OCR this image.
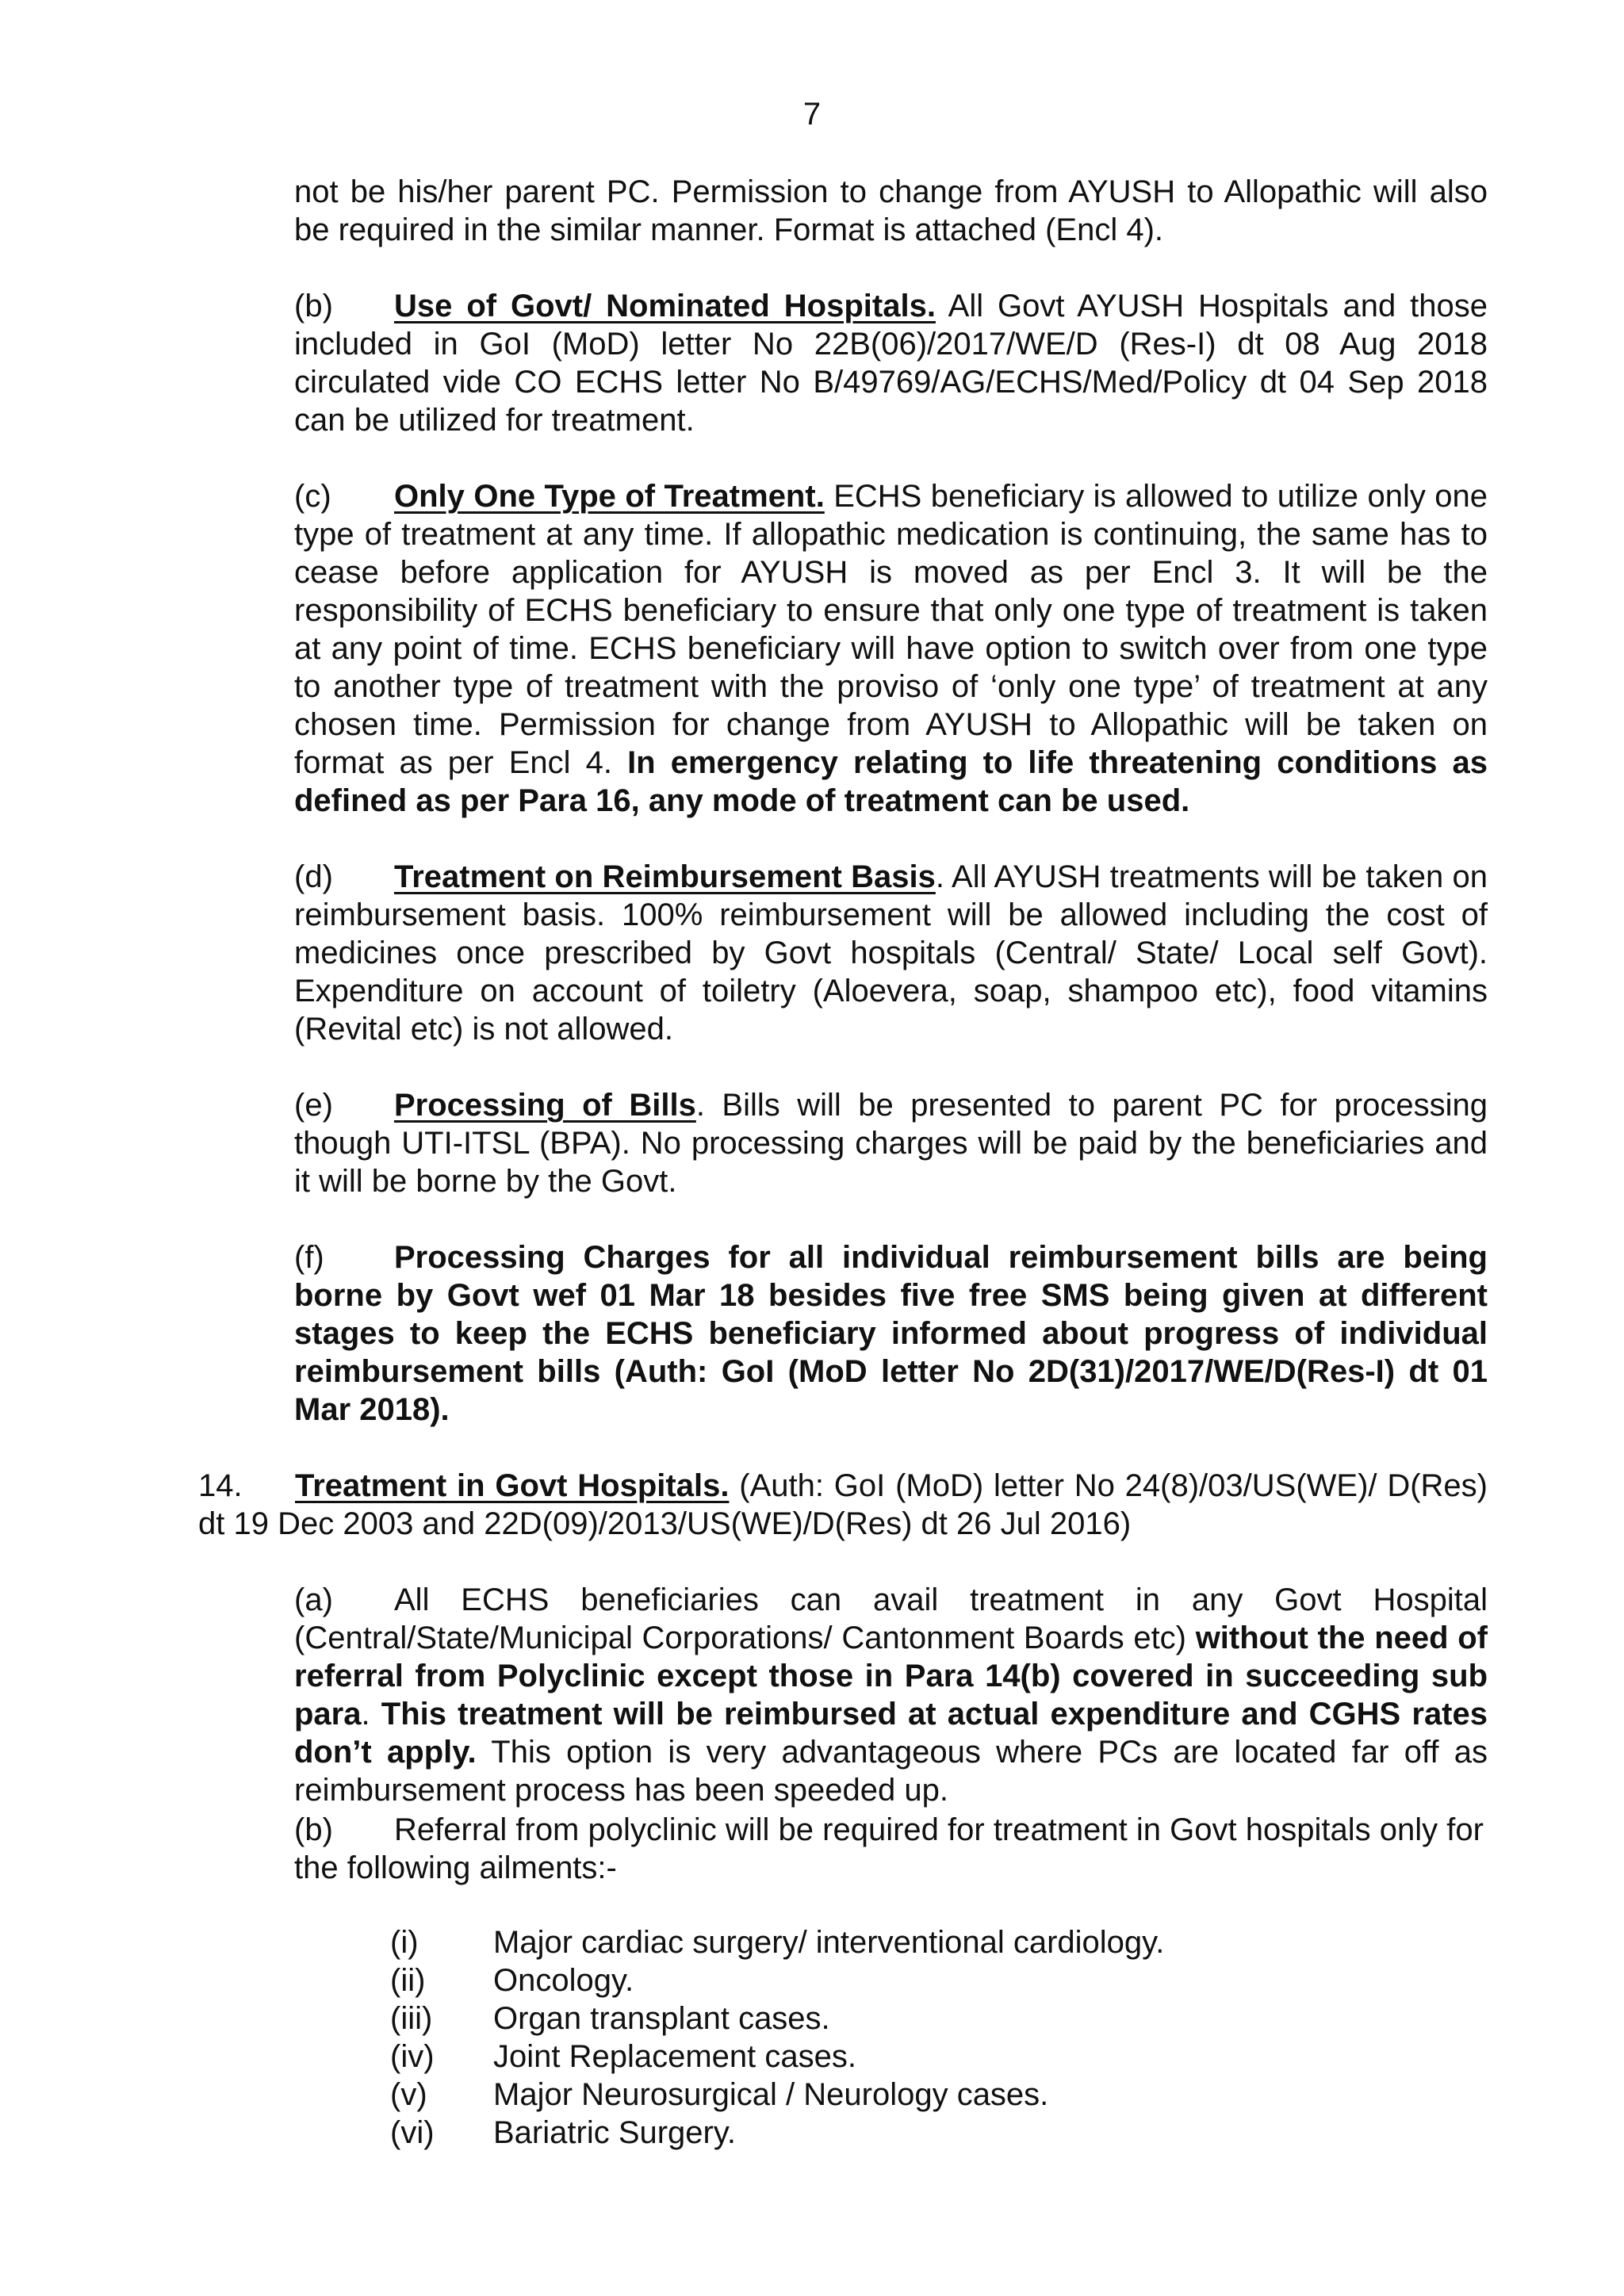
7
not be his/her parent PC. Permission to change from AYUSH to Allopathic will also be required in the similar manner. Format is attached (Encl 4).
(b) Use of Govt/ Nominated Hospitals. All Govt AYUSH Hospitals and those included in GoI (MoD) letter No 22B(06)/2017/WE/D (Res-I) dt 08 Aug 2018 circulated vide CO ECHS letter No B/49769/AG/ECHS/Med/Policy dt 04 Sep 2018 can be utilized for treatment.
(c) Only One Type of Treatment. ECHS beneficiary is allowed to utilize only one type of treatment at any time. If allopathic medication is continuing, the same has to cease before application for AYUSH is moved as per Encl 3. It will be the responsibility of ECHS beneficiary to ensure that only one type of treatment is taken at any point of time. ECHS beneficiary will have option to switch over from one type to another type of treatment with the proviso of ‘only one type’ of treatment at any chosen time. Permission for change from AYUSH to Allopathic will be taken on format as per Encl 4. In emergency relating to life threatening conditions as defined as per Para 16, any mode of treatment can be used.
(d) Treatment on Reimbursement Basis. All AYUSH treatments will be taken on reimbursement basis. 100% reimbursement will be allowed including the cost of medicines once prescribed by Govt hospitals (Central/ State/ Local self Govt). Expenditure on account of toiletry (Aloevera, soap, shampoo etc), food vitamins (Revital etc) is not allowed.
(e) Processing of Bills. Bills will be presented to parent PC for processing though UTI-ITSL (BPA). No processing charges will be paid by the beneficiaries and it will be borne by the Govt.
(f) Processing Charges for all individual reimbursement bills are being borne by Govt wef 01 Mar 18 besides five free SMS being given at different stages to keep the ECHS beneficiary informed about progress of individual reimbursement bills (Auth: GoI (MoD letter No 2D(31)/2017/WE/D(Res-I) dt 01 Mar 2018).
14. Treatment in Govt Hospitals. (Auth: GoI (MoD) letter No 24(8)/03/US(WE)/ D(Res) dt 19 Dec 2003 and 22D(09)/2013/US(WE)/D(Res) dt 26 Jul 2016)
(a) All ECHS beneficiaries can avail treatment in any Govt Hospital (Central/State/Municipal Corporations/ Cantonment Boards etc) without the need of referral from Polyclinic except those in Para 14(b) covered in succeeding sub para. This treatment will be reimbursed at actual expenditure and CGHS rates don’t apply. This option is very advantageous where PCs are located far off as reimbursement process has been speeded up.
(b) Referral from polyclinic will be required for treatment in Govt hospitals only for the following ailments:-
(i) Major cardiac surgery/ interventional cardiology.
(ii) Oncology.
(iii) Organ transplant cases.
(iv) Joint Replacement cases.
(v) Major Neurosurgical / Neurology cases.
(vi) Bariatric Surgery.
